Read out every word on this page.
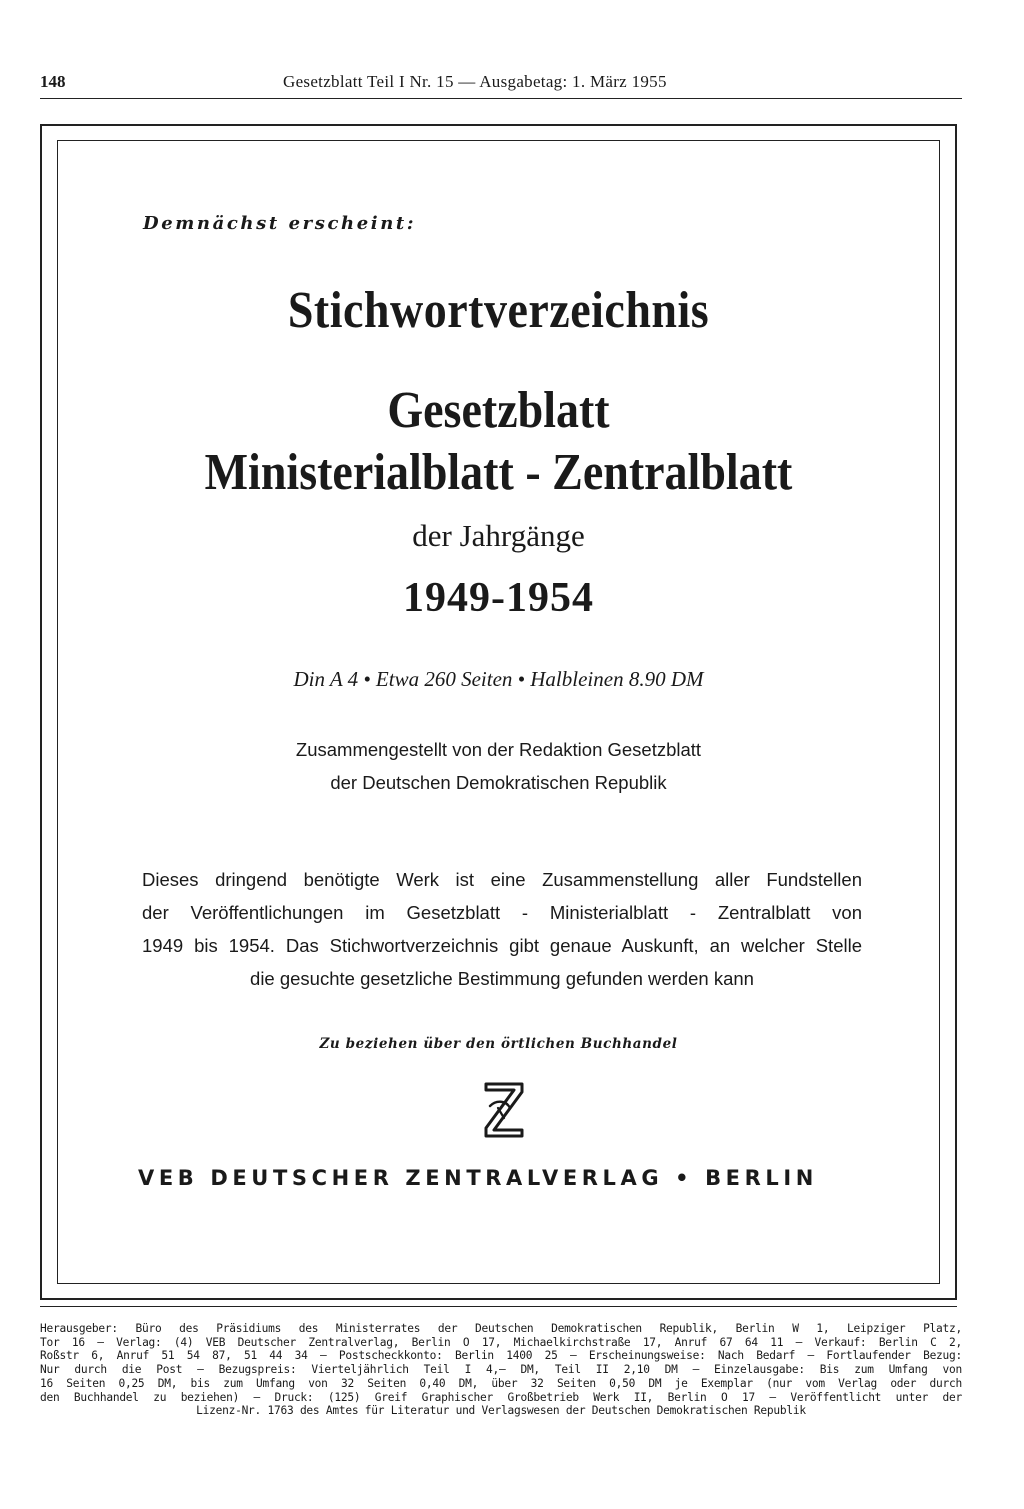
148	Gesetzblatt Teil I Nr. 15 — Ausgabetag: 1. März 1955
Demnächst erscheint:
Stichwortverzeichnis
Gesetzblatt
Ministerialblatt - Zentralblatt
der Jahrgänge
1949-1954
Din A 4 • Etwa 260 Seiten • Halbleinen 8.90 DM
Zusammengestellt von der Redaktion Gesetzblatt
der Deutschen Demokratischen Republik
Dieses dringend benötigte Werk ist eine Zusammenstellung aller Fundstellen
der Veröffentlichungen im Gesetzblatt - Ministerialblatt - Zentralblatt von
1949 bis 1954. Das Stichwortverzeichnis gibt genaue Auskunft, an welcher Stelle
die gesuchte gesetzliche Bestimmung gefunden werden kann
Zu beziehen über den örtlichen Buchhandel
VEB DEUTSCHER ZENTRALVERLAG • BERLIN
Herausgeber: Büro des Präsidiums des Ministerrates der Deutschen Demokratischen Republik, Berlin W 1, Leipziger Platz,
Tor 16 — Verlag: (4) VEB Deutscher Zentralverlag, Berlin O 17, Michaelkirchstraße 17, Anruf 67 64 11 — Verkauf: Berlin C 2,
Roßstr 6, Anruf 51 54 87, 51 44 34 — Postscheckkonto: Berlin 1400 25 — Erscheinungsweise: Nach Bedarf — Fortlaufender Bezug:
Nur durch die Post — Bezugspreis: Vierteljährlich Teil I 4,— DM, Teil II 2,10 DM — Einzelausgabe: Bis zum Umfang von
16 Seiten 0,25 DM, bis zum Umfang von 32 Seiten 0,40 DM, über 32 Seiten 0,50 DM je Exemplar (nur vom Verlag oder durch
den Buchhandel zu beziehen) — Druck: (125) Greif Graphischer Großbetrieb Werk II, Berlin O 17 — Veröffentlicht unter der
Lizenz-Nr. 1763 des Amtes für Literatur und Verlagswesen der Deutschen Demokratischen Republik
